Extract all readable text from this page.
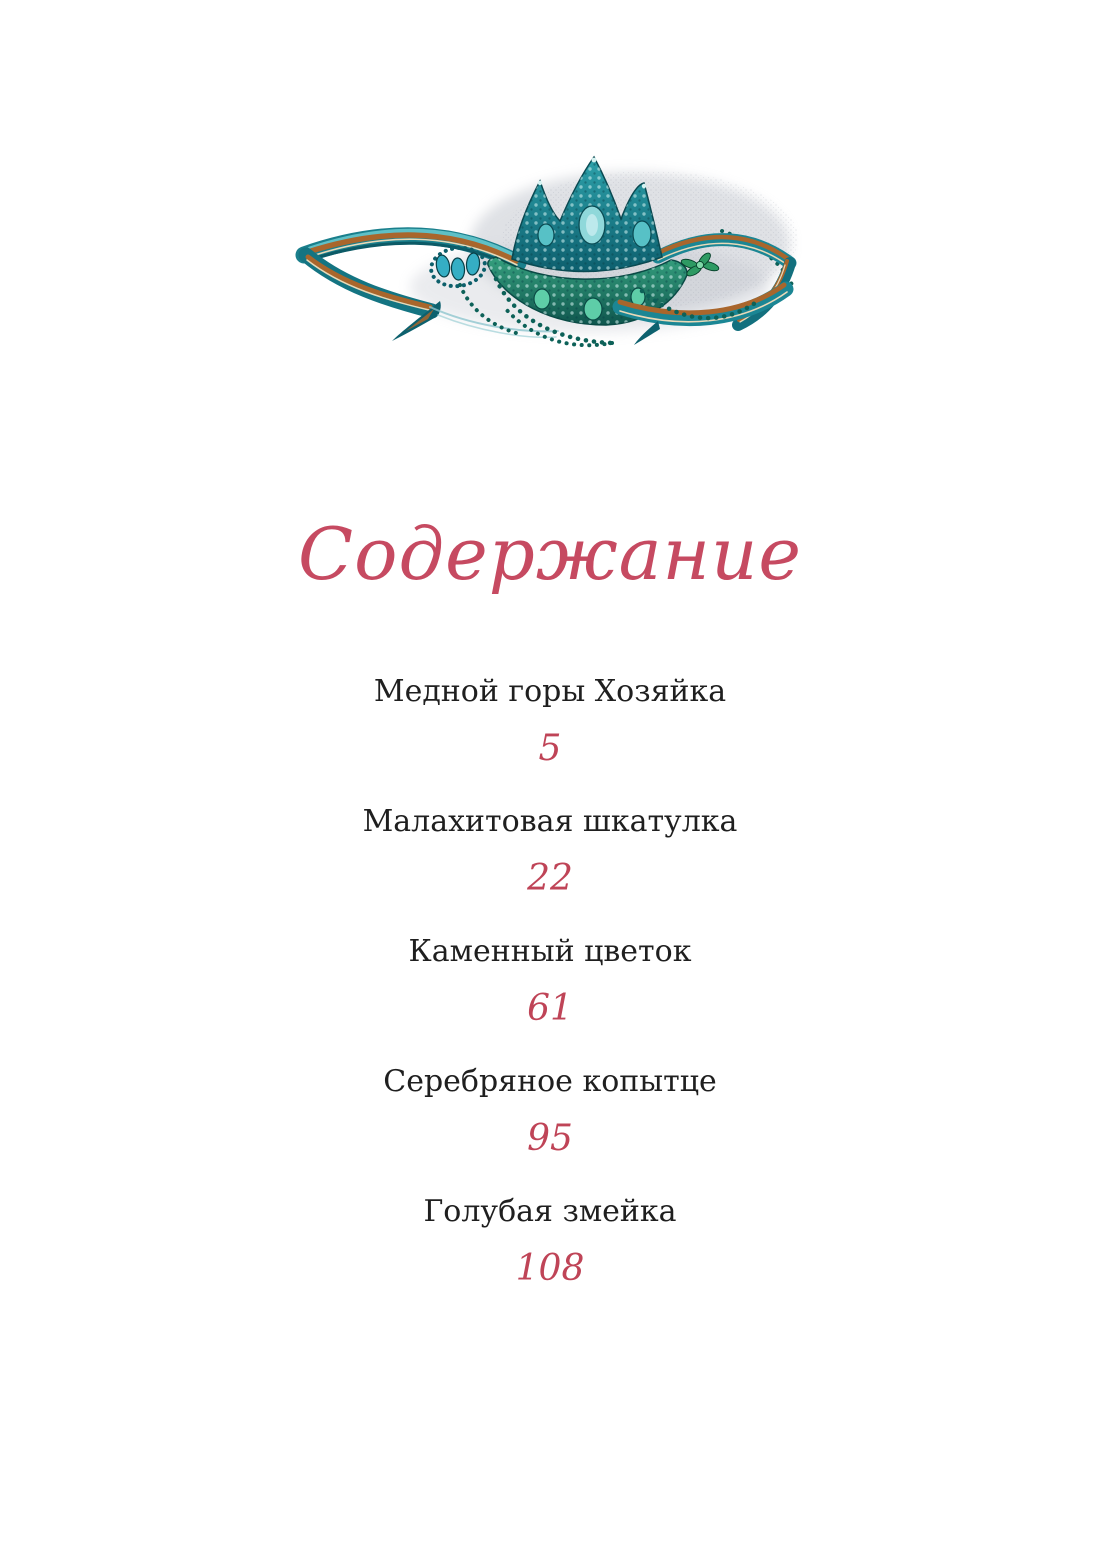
Содержание
Медной горы Хозяйка
5
Малахитовая шкатулка
22
Каменный цветок
61
Серебряное копытце
95
Голубая змейка
108
